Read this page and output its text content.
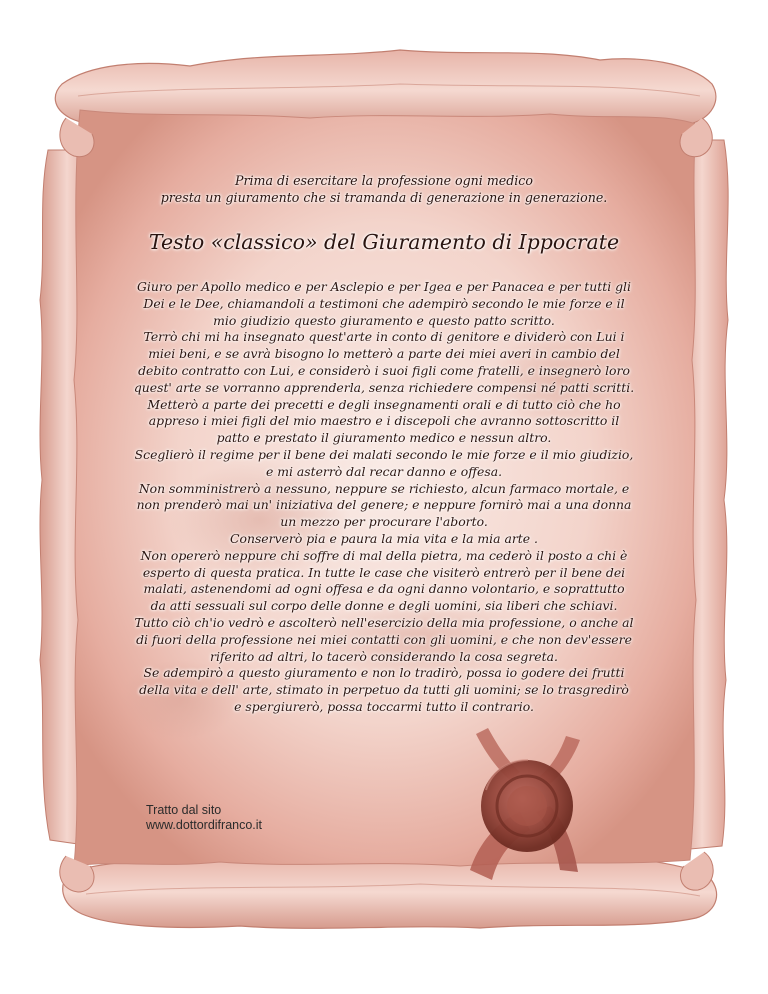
Prima di esercitare la professione ogni medico
presta un giuramento che si tramanda di generazione in generazione.
Testo «classico» del Giuramento di Ippocrate
Giuro per Apollo medico e per Asclepio e per Igea e per Panacea e per tutti gli
Dei e le Dee, chiamandoli a testimoni che adempirò secondo le mie forze e il
mio giudizio questo giuramento e questo patto scritto.
Terrò chi mi ha insegnato quest'arte in conto di genitore e dividerò con Lui i
miei beni, e se avrà bisogno lo metterò a parte dei miei averi in cambio del
debito contratto con Lui, e considerò i suoi figli come fratelli, e insegnerò loro
quest' arte se vorranno apprenderla, senza richiedere compensi né patti scritti.
Metterò a parte dei precetti e degli insegnamenti orali e di tutto ciò che ho
appreso i miei figli del mio maestro e i discepoli che avranno sottoscritto il
patto e prestato il giuramento medico e nessun altro.
Sceglierò il regime per il bene dei malati secondo le mie forze e il mio giudizio,
e mi asterrò dal recar danno e offesa.
Non somministrerò a nessuno, neppure se richiesto, alcun farmaco mortale, e
non prenderò mai un' iniziativa del genere; e neppure fornirò mai a una donna
un mezzo per procurare l'aborto.
Conserverò pia e paura la mia vita e la mia arte .
Non opererò neppure chi soffre di mal della pietra, ma cederò il posto a chi è
esperto di questa pratica. In tutte le case che visiterò entrerò per il bene dei
malati, astenendomi ad ogni offesa e da ogni danno volontario, e soprattutto
da atti sessuali sul corpo delle donne e degli uomini, sia liberi che schiavi.
Tutto ciò ch'io vedrò e ascolterò nell'esercizio della mia professione, o anche al
di fuori della professione nei miei contatti con gli uomini, e che non dev'essere
riferito ad altri, lo tacerò considerando la cosa segreta.
Se adempirò a questo giuramento e non lo tradirò, possa io godere dei frutti
della vita e dell' arte, stimato in perpetuo da tutti gli uomini; se lo trasgredirò
e spergiurerò, possa toccarmi tutto il contrario.
Tratto dal sito
www.dottordifranco.it
